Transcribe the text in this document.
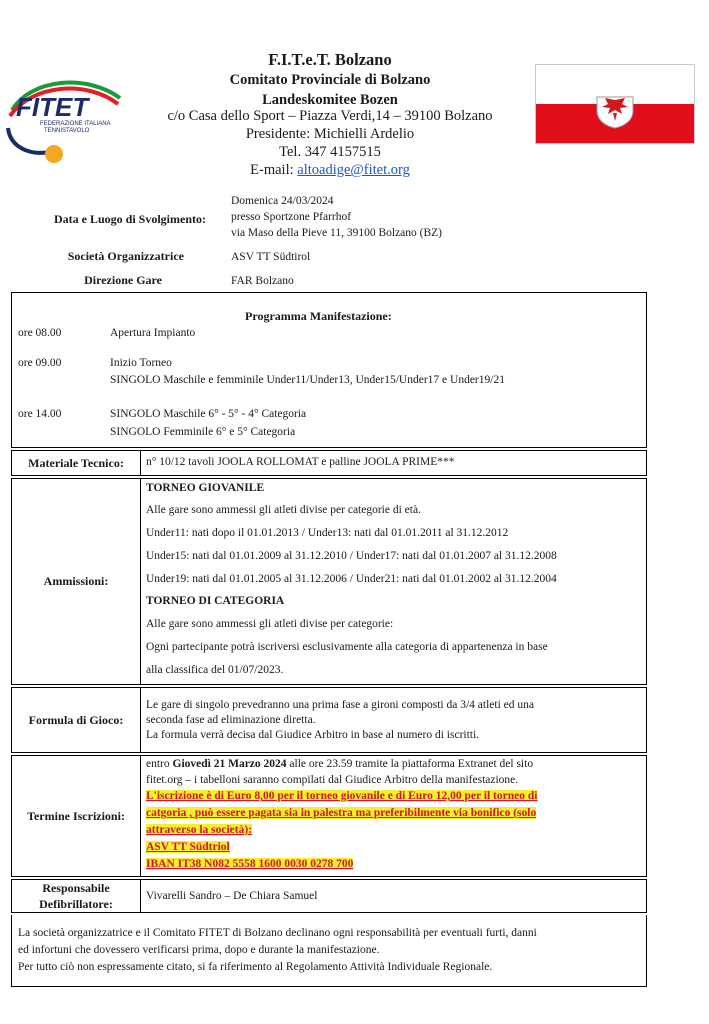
FITET
FEDERAZIONE ITALIANA
TENNISTAVOLO
F.I.T.e.T. Bolzano
Comitato Provinciale di Bolzano
Landeskomitee Bozen
c/o Casa dello Sport – Piazza Verdi,14 – 39100 Bolzano
Presidente: Michielli Ardelio
Tel. 347 4157515
E-mail: altoadige@fitet.org
Data e Luogo di Svolgimento:
Domenica 24/03/2024
presso Sportzone Pfarrhof
via Maso della Pieve 11, 39100 Bolzano (BZ)
Società Organizzatrice	ASV TT Südtirol
Direzione Gare	FAR Bolzano
Programma Manifestazione:
ore 08.00	Apertura Impianto
ore 09.00	Inizio Torneo
SINGOLO Maschile e femminile Under11/Under13, Under15/Under17 e Under19/21
ore 14.00	SINGOLO Maschile 6° - 5° - 4° Categoria
SINGOLO Femminile 6° e 5° Categoria
Materiale Tecnico:	n° 10/12 tavoli JOOLA ROLLOMAT e palline JOOLA PRIME***
Ammissioni:
TORNEO GIOVANILE
Alle gare sono ammessi gli atleti divise per categorie di età.
Under11: nati dopo il 01.01.2013 / Under13: nati dal 01.01.2011 al 31.12.2012
Under15: nati dal 01.01.2009 al 31.12.2010 / Under17: nati dal 01.01.2007 al 31.12.2008
Under19: nati dal 01.01.2005 al 31.12.2006 / Under21: nati dal 01.01.2002 al 31.12.2004
TORNEO DI CATEGORIA
Alle gare sono ammessi gli atleti divise per categorie:
Ogni partecipante potrà iscriversi esclusivamente alla categoria di appartenenza in base
alla classifica del 01/07/2023.
Formula di Gioco:
Le gare di singolo prevedranno una prima fase a gironi composti da 3/4 atleti ed una
seconda fase ad eliminazione diretta.
La formula verrà decisa dal Giudice Arbitro in base al numero di iscritti.
Termine Iscrizioni:
entro Giovedì 21 Marzo 2024 alle ore 23.59 tramite la piattaforma Extranet del sito
fitet.org – i tabelloni saranno compilati dal Giudice Arbitro della manifestazione.
L'iscrizione è di Euro 8,00 per il torneo giovanile e di Euro 12,00 per il torneo di
catgoria , può essere pagata sia in palestra ma preferibilmente via bonifico (solo
attraverso la società):
ASV TT Südtriol
IBAN IT38 N082 5558 1600 0030 0278 700
Responsabile
Defibrillatore:
Vivarelli Sandro – De Chiara Samuel
La società organizzatrice e il Comitato FITET di Bolzano declinano ogni responsabilità per eventuali furti, danni
ed infortuni che dovessero verificarsi prima, dopo e durante la manifestazione.
Per tutto ciò non espressamente citato, si fa riferimento al Regolamento Attività Individuale Regionale.
